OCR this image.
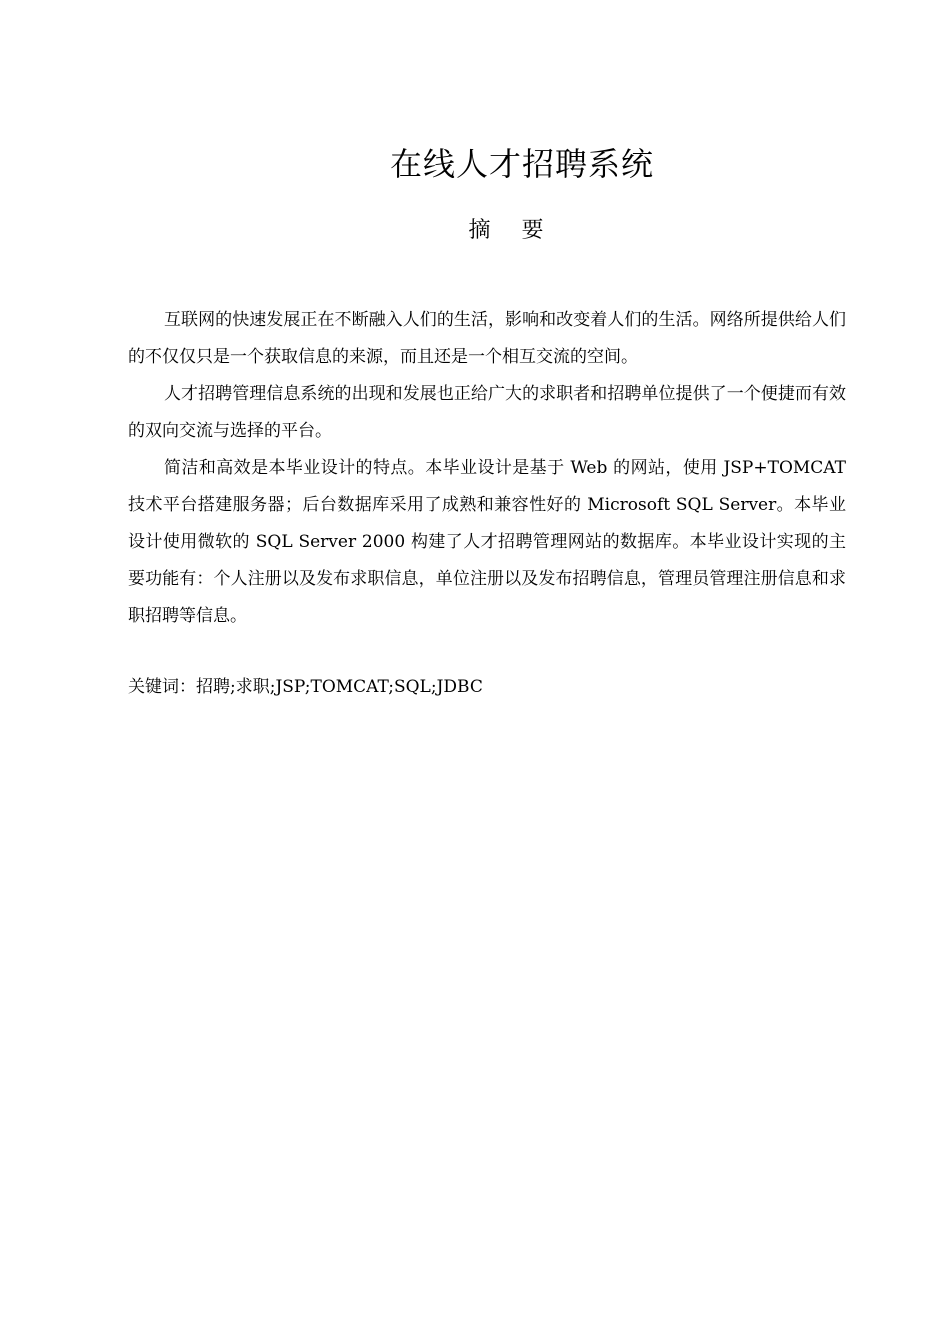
在线人才招聘系统
摘 要

互联网的快速发展正在不断融入人们的生活，影响和改变着人们的生活。网络所提供给人们的不仅仅只是一个获取信息的来源，而且还是一个相互交流的空间。

人才招聘管理信息系统的出现和发展也正给广大的求职者和招聘单位提供了一个便捷而有效的双向交流与选择的平台。

简洁和高效是本毕业设计的特点。本毕业设计是基于 Web 的网站，使用 JSP+TOMCAT 技术平台搭建服务器；后台数据库采用了成熟和兼容性好的 Microsoft SQL Server。本毕业设计使用微软的 SQL Server 2000 构建了人才招聘管理网站的数据库。本毕业设计实现的主要功能有：个人注册以及发布求职信息，单位注册以及发布招聘信息，管理员管理注册信息和求职招聘等信息。

关键词：招聘;求职;JSP;TOMCAT;SQL;JDBC
